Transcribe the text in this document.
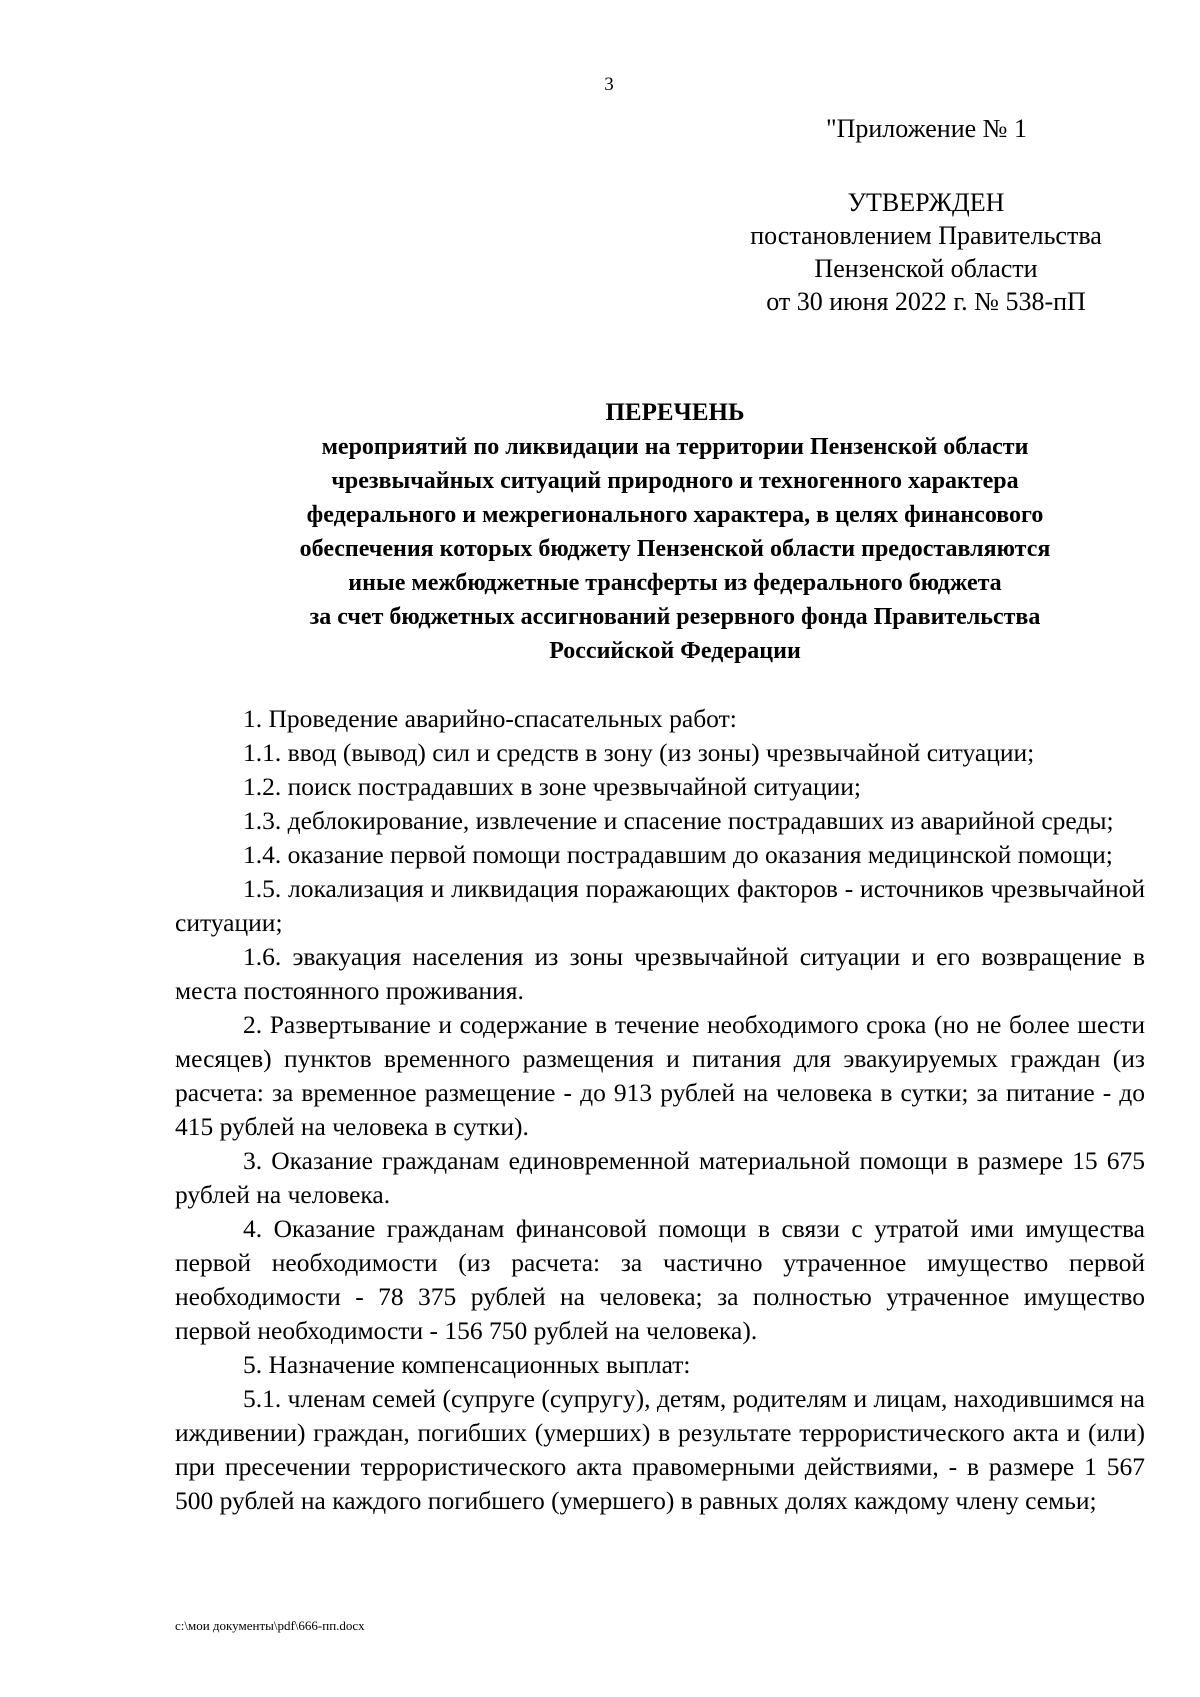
3
"Приложение № 1
УТВЕРЖДЕН
постановлением Правительства
Пензенской области
от 30 июня 2022 г. № 538-пП
ПЕРЕЧЕНЬ
мероприятий по ликвидации на территории Пензенской области
чрезвычайных ситуаций природного и техногенного характера
федерального и межрегионального характера, в целях финансового
обеспечения которых бюджету Пензенской области предоставляются
иные межбюджетные трансферты из федерального бюджета
за счет бюджетных ассигнований резервного фонда Правительства
Российской Федерации

1. Проведение аварийно-спасательных работ:

1.1. ввод (вывод) сил и средств в зону (из зоны) чрезвычайной ситуации;

1.2. поиск пострадавших в зоне чрезвычайной ситуации;

1.3. деблокирование, извлечение и спасение пострадавших из аварийной среды;

1.4. оказание первой помощи пострадавшим до оказания медицинской помощи;

1.5. локализация и ликвидация поражающих факторов - источников чрезвычайной ситуации;

1.6. эвакуация населения из зоны чрезвычайной ситуации и его возвращение в места постоянного проживания.

2. Развертывание и содержание в течение необходимого срока (но не более шести месяцев) пунктов временного размещения и питания для эвакуируемых граждан (из расчета: за временное размещение - до 913 рублей на человека в сутки; за питание - до 415 рублей на человека в сутки).

3. Оказание гражданам единовременной материальной помощи в размере 15 675 рублей на человека.

4. Оказание гражданам финансовой помощи в связи с утратой ими имущества первой необходимости (из расчета: за частично утраченное имущество первой необходимости - 78 375 рублей на человека; за полностью утраченное имущество первой необходимости - 156 750 рублей на человека).

5. Назначение компенсационных выплат:

5.1. членам семей (супруге (супругу), детям, родителям и лицам, находившимся на иждивении) граждан, погибших (умерших) в результате террористического акта и (или) при пресечении террористического акта правомерными действиями, - в размере 1 567 500 рублей на каждого погибшего (умершего) в равных долях каждому члену семьи;

c:\мои документы\pdf\666-пп.docx
